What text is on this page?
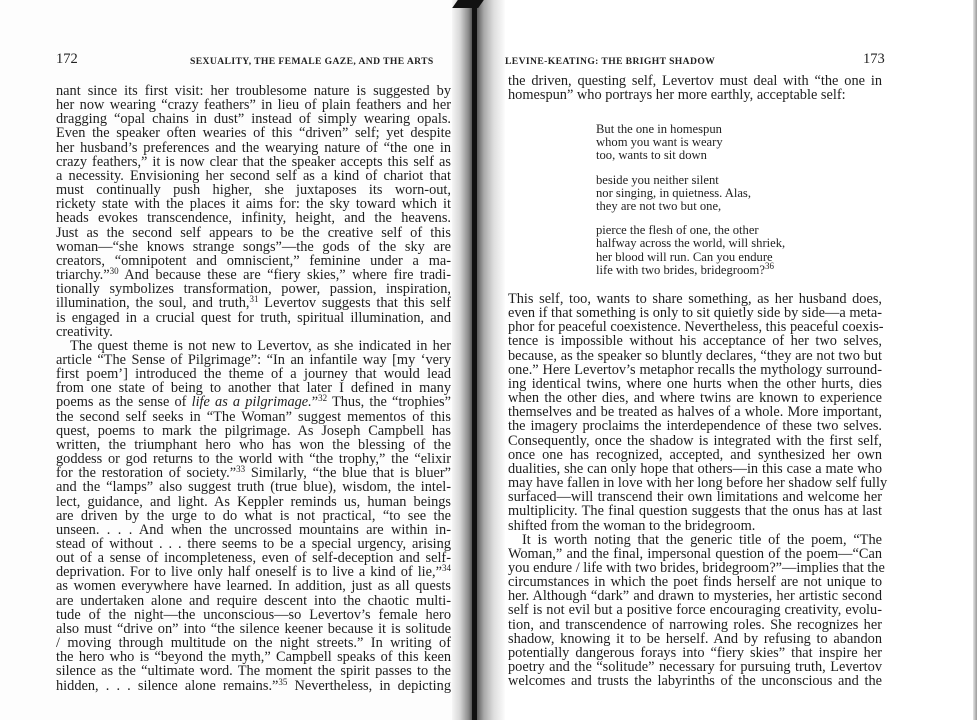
172	SEXUALITY, THE FEMALE GAZE, AND THE ARTS
nant since its first visit: her troublesome nature is suggested by
her now wearing “crazy feathers” in lieu of plain feathers and her
dragging “opal chains in dust” instead of simply wearing opals.
Even the speaker often wearies of this “driven” self; yet despite
her husband’s preferences and the wearying nature of “the one in
crazy feathers,” it is now clear that the speaker accepts this self as
a necessity. Envisioning her second self as a kind of chariot that
must continually push higher, she juxtaposes its worn-out,
rickety state with the places it aims for: the sky toward which it
heads evokes transcendence, infinity, height, and the heavens.
Just as the second self appears to be the creative self of this
woman—“she knows strange songs”—the gods of the sky are
creators, “omnipotent and omniscient,” feminine under a ma-
triarchy.”$^{30}$ And because these are “fiery skies,” where fire tradi-
tionally symbolizes transformation, power, passion, inspiration,
illumination, the soul, and truth,$^{31}$ Levertov suggests that this self
is engaged in a crucial quest for truth, spiritual illumination, and
creativity.
The quest theme is not new to Levertov, as she indicated in her
article “The Sense of Pilgrimage”: “In an infantile way [my ‘very
first poem’] introduced the theme of a journey that would lead
from one state of being to another that later I defined in many
poems as the sense of life as a pilgrimage.”$^{32}$ Thus, the “trophies”
the second self seeks in “The Woman” suggest mementos of this
quest, poems to mark the pilgrimage. As Joseph Campbell has
written, the triumphant hero who has won the blessing of the
goddess or god returns to the world with “the trophy,” the “elixir
for the restoration of society.”$^{33}$ Similarly, “the blue that is bluer”
and the “lamps” also suggest truth (true blue), wisdom, the intel-
lect, guidance, and light. As Keppler reminds us, human beings
are driven by the urge to do what is not practical, “to see the
unseen. . . . And when the uncrossed mountains are within in-
stead of without . . . there seems to be a special urgency, arising
out of a sense of incompleteness, even of self-deception and self-
deprivation. For to live only half oneself is to live a kind of lie,”$^{34}$
as women everywhere have learned. In addition, just as all quests
are undertaken alone and require descent into the chaotic multi-
tude of the night—the unconscious—so Levertov’s female hero
also must “drive on” into “the silence keener because it is solitude
/ moving through multitude on the night streets.” In writing of
the hero who is “beyond the myth,” Campbell speaks of this keen
silence as the “ultimate word. The moment the spirit passes to the
hidden, . . . silence alone remains.”$^{35}$ Nevertheless, in depicting
LEVINE-KEATING: THE BRIGHT SHADOW	173
the driven, questing self, Levertov must deal with “the one in
homespun” who portrays her more earthly, acceptable self:
But the one in homespun
whom you want is weary
too, wants to sit down
beside you neither silent
nor singing, in quietness. Alas,
they are not two but one,
pierce the flesh of one, the other
halfway across the world, will shriek,
her blood will run. Can you endure
life with two brides, bridegroom?$^{36}$
This self, too, wants to share something, as her husband does,
even if that something is only to sit quietly side by side—a meta-
phor for peaceful coexistence. Nevertheless, this peaceful coexis-
tence is impossible without his acceptance of her two selves,
because, as the speaker so bluntly declares, “they are not two but
one.” Here Levertov’s metaphor recalls the mythology surround-
ing identical twins, where one hurts when the other hurts, dies
when the other dies, and where twins are known to experience
themselves and be treated as halves of a whole. More important,
the imagery proclaims the interdependence of these two selves.
Consequently, once the shadow is integrated with the first self,
once one has recognized, accepted, and synthesized her own
dualities, she can only hope that others—in this case a mate who
may have fallen in love with her long before her shadow self fully
surfaced—will transcend their own limitations and welcome her
multiplicity. The final question suggests that the onus has at last
shifted from the woman to the bridegroom.
It is worth noting that the generic title of the poem, “The
Woman,” and the final, impersonal question of the poem—“Can
you endure / life with two brides, bridegroom?”—implies that the
circumstances in which the poet finds herself are not unique to
her. Although “dark” and drawn to mysteries, her artistic second
self is not evil but a positive force encouraging creativity, evolu-
tion, and transcendence of narrowing roles. She recognizes her
shadow, knowing it to be herself. And by refusing to abandon
potentially dangerous forays into “fiery skies” that inspire her
poetry and the “solitude” necessary for pursuing truth, Levertov
welcomes and trusts the labyrinths of the unconscious and the
